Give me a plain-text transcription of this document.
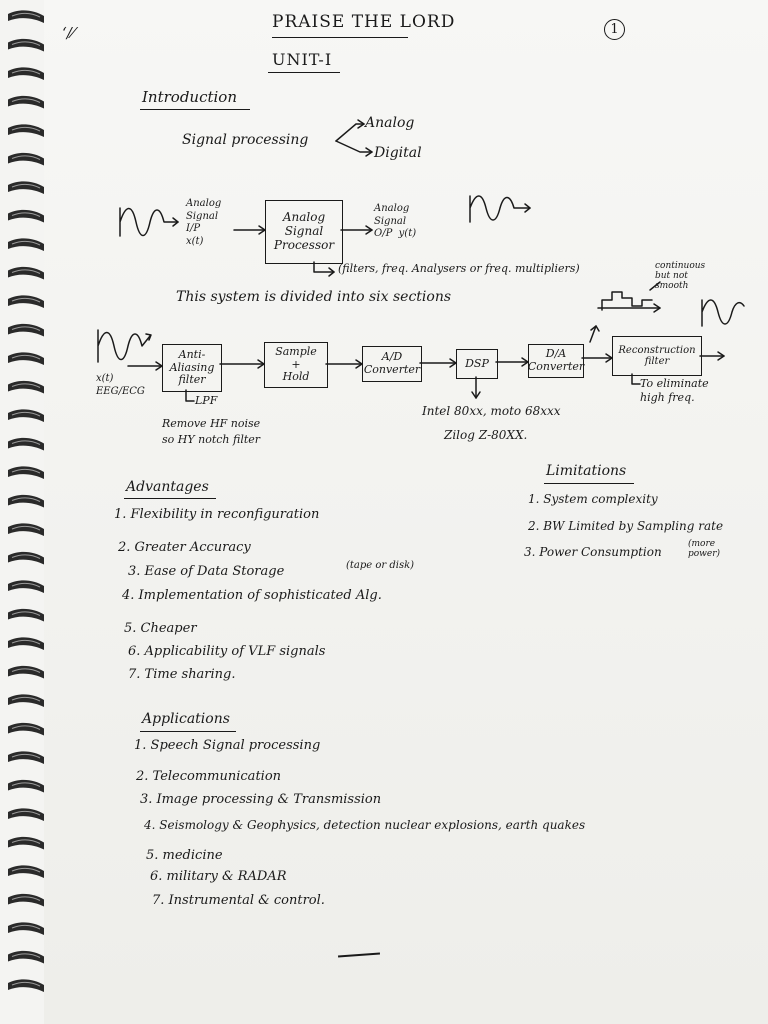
ʻ/⁄
PRAISE THE LORD	1
UNIT-I
Introduction
Signal processing
Analog
Digital
Analog
Signal
I/P
x(t)
Analog
Signal
Processor
Analog
Signal
O/P  y(t)
(filters, freq. Analysers or freq. multipliers)
This system is divided into six sections
x(t)
EEG/ECG
Anti-
Aliasing
filter
Sample
+
Hold
A/D
Converter	DSP
D/A
Converter
Reconstruction
filter
LPF
Remove HF noise
so HY notch filter
Intel 80xx, moto 68xxx
Zilog Z-80XX.
To eliminate
high freq.
continuous
but not
smooth
Advantages
1. Flexibility in reconfiguration
2. Greater Accuracy
3. Ease of Data Storage	(tape or disk)
4. Implementation of sophisticated Alg.
5. Cheaper
6. Applicability of VLF signals
7. Time sharing.
Limitations
1. System complexity
2. BW Limited by Sampling rate
3. Power Consumption
(more
power)
Applications
1. Speech Signal processing
2. Telecommunication
3. Image processing & Transmission
4. Seismology & Geophysics, detection nuclear explosions, earth quakes
5. medicine
6. military & RADAR
7. Instrumental & control.
